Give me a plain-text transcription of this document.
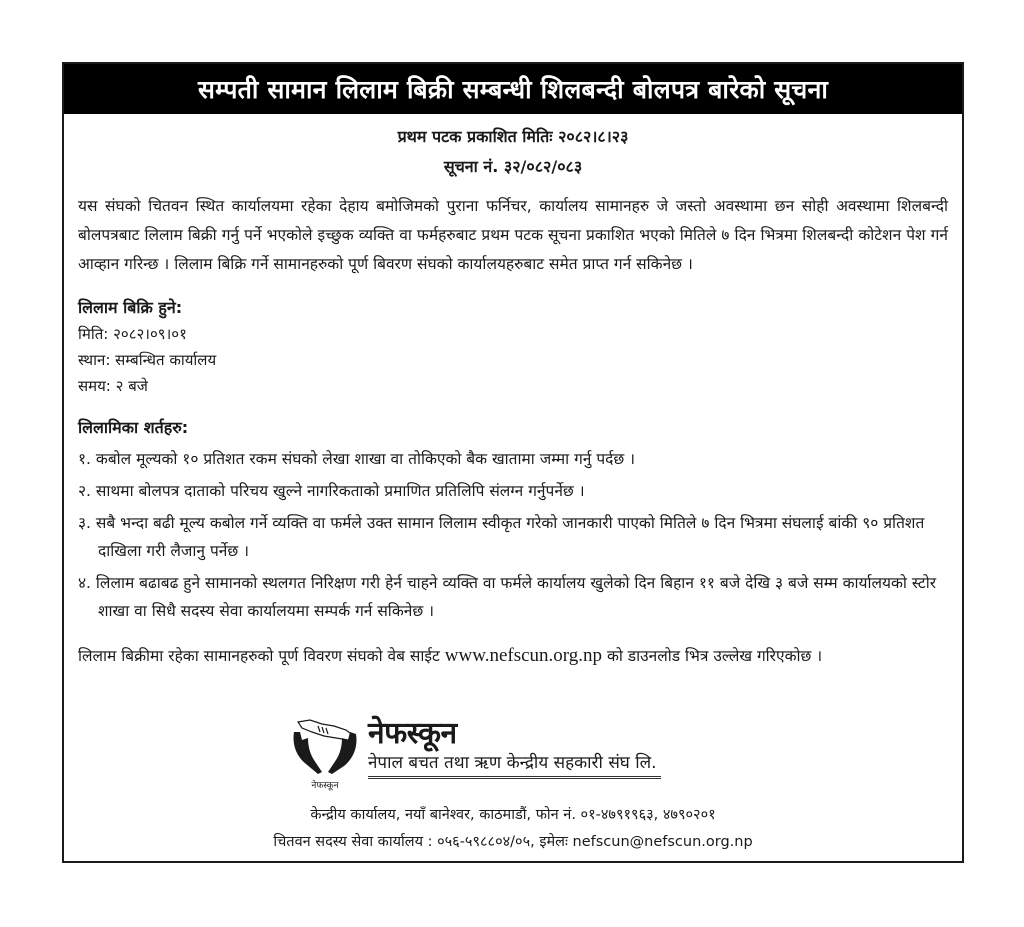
सम्पती सामान लिलाम बिक्री सम्बन्धी शिलबन्दी बोलपत्र बारेको सूचना
प्रथम पटक प्रकाशित मितिः २०८२।८।२३
सूचना नं. ३२/०८२/०८३

यस संघको चितवन स्थित कार्यालयमा रहेका देहाय बमोजिमको पुराना फर्निचर, कार्यालय सामानहरु जे जस्तो अवस्थामा छन सोही अवस्थामा शिलबन्दी बोलपत्रबाट लिलाम बिक्री गर्नु पर्ने भएकोले इच्छुक व्यक्ति वा फर्महरुबाट प्रथम पटक सूचना प्रकाशित भएको मितिले ७ दिन भित्रमा शिलबन्दी कोटेशन पेश गर्न आव्हान गरिन्छ । लिलाम बिक्रि गर्ने सामानहरुको पूर्ण बिवरण संघको कार्यालयहरुबाट समेत प्राप्त गर्न सकिनेछ ।

लिलाम बिक्रि हुने:
मिति: २०८२।०९।०१
स्थान: सम्बन्धित कार्यालय
समय: २ बजे
लिलामिका शर्तहरु:
१. कबोल मूल्यको १० प्रतिशत रकम संघको लेखा शाखा वा तोकिएको बैक खातामा जम्मा गर्नु पर्दछ ।
२. साथमा बोलपत्र दाताको परिचय खुल्ने नागरिकताको प्रमाणित प्रतिलिपि संलग्न गर्नुपर्नेछ ।
३. सबै भन्दा बढी मूल्य कबोल गर्ने व्यक्ति वा फर्मले उक्त सामान लिलाम स्वीकृत गरेको जानकारी पाएको मितिले ७ दिन भित्रमा संघलाई बांकी ९० प्रतिशत दाखिला गरी लैजानु पर्नेछ ।
४. लिलाम बढाबढ हुने सामानको स्थलगत निरिक्षण गरी हेर्न चाहने व्यक्ति वा फर्मले कार्यालय खुलेको दिन बिहान ११ बजे देखि ३ बजे सम्म कार्यालयको स्टोर शाखा वा सिधै सदस्य सेवा कार्यालयमा सम्पर्क गर्न सकिनेछ ।

लिलाम बिक्रीमा रहेका सामानहरुको पूर्ण विवरण संघको वेब साईट www.nefscun.org.np को डाउनलोड भित्र उल्लेख गरिएकोछ ।

नेफस्कून
नेफस्कून
नेपाल बचत तथा ऋण केन्द्रीय सहकारी संघ लि.
केन्द्रीय कार्यालय, नयाँ बानेश्वर, काठमाडौं, फोन नं. ०१-४७९१९६३, ४७९०२०१
चितवन सदस्य सेवा कार्यालय : ०५६-५९८८०४/०५, इमेलः nefscun@nefscun.org.np
